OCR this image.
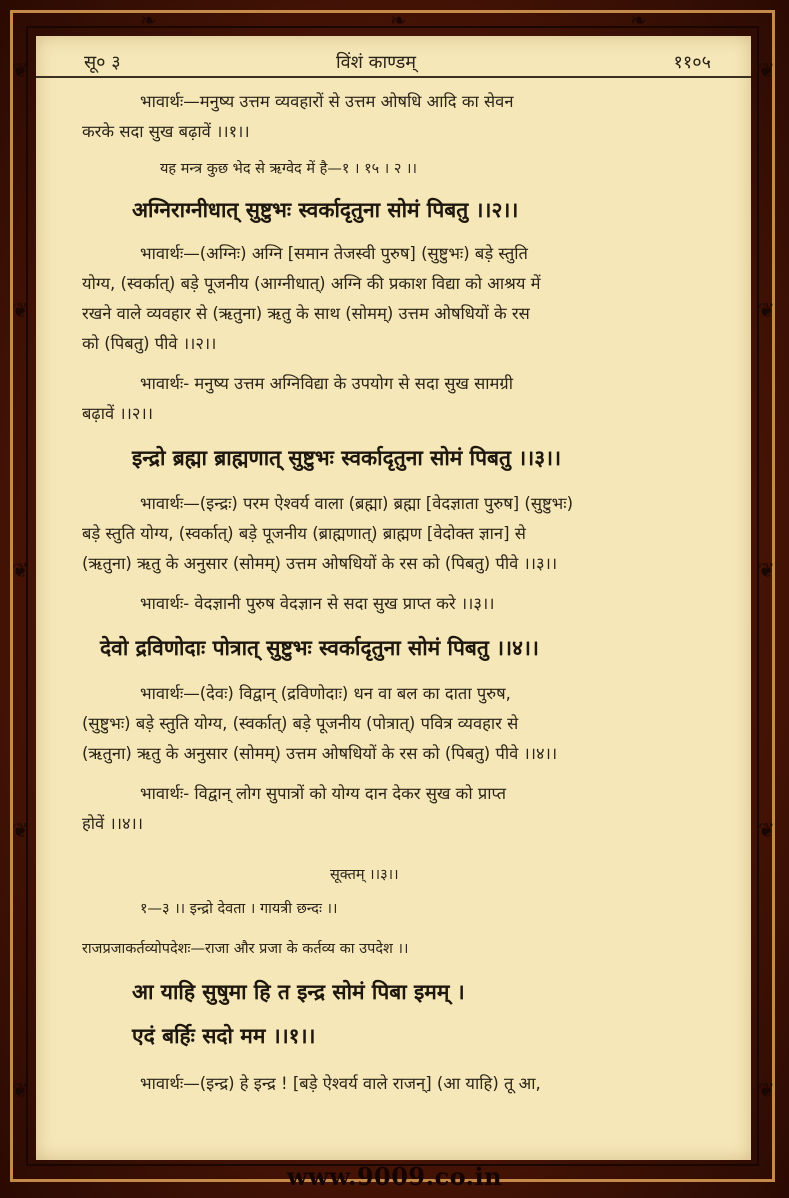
❦
❦
❦
❦
❦
❦
❦
❦
❦
❦
❧	❧	❧
सू० ३	विंशं काण्डम्	११०५
भावार्थः—मनुष्य उत्तम व्यवहारों से उत्तम ओषधि आदि का सेवन
करके सदा सुख बढ़ावें ।।१।।
यह मन्त्र कुछ भेद से ऋग्वेद में है—१ । १५ । २ ।।
अग्निराग्नीधात् सुष्टुभः स्वर्कादृतुना सोमं पिबतु ।।२।।
भावार्थः—(अग्निः) अग्नि [समान तेजस्वी पुरुष] (सुष्टुभः) बड़े स्तुति
योग्य, (स्वर्कात्) बड़े पूजनीय (आग्नीधात्) अग्नि की प्रकाश विद्या को आश्रय में
रखने वाले व्यवहार से (ऋतुना) ऋतु के साथ (सोमम्) उत्तम ओषधियों के रस
को (पिबतु) पीवे ।।२।।
भावार्थः- मनुष्य उत्तम अग्निविद्या के उपयोग से सदा सुख सामग्री
बढ़ावें ।।२।।
इन्द्रो ब्रह्मा ब्राह्मणात् सुष्टुभः स्वर्कादृतुना सोमं पिबतु ।।३।।
भावार्थः—(इन्द्रः) परम ऐश्वर्य वाला (ब्रह्मा) ब्रह्मा [वेदज्ञाता पुरुष] (सुष्टुभः)
बड़े स्तुति योग्य, (स्वर्कात्) बड़े पूजनीय (ब्राह्मणात्) ब्राह्मण [वेदोक्त ज्ञान] से
(ऋतुना) ऋतु के अनुसार (सोमम्) उत्तम ओषधियों के रस को (पिबतु) पीवे ।।३।।
भावार्थः- वेदज्ञानी पुरुष वेदज्ञान से सदा सुख प्राप्त करे ।।३।।
देवो द्रविणोदाः पोत्रात् सुष्टुभः स्वर्कादृतुना सोमं पिबतु ।।४।।
भावार्थः—(देवः) विद्वान् (द्रविणोदाः) धन वा बल का दाता पुरुष,
(सुष्टुभः) बड़े स्तुति योग्य, (स्वर्कात्) बड़े पूजनीय (पोत्रात्) पवित्र व्यवहार से
(ऋतुना) ऋतु के अनुसार (सोमम्) उत्तम ओषधियों के रस को (पिबतु) पीवे ।।४।।
भावार्थः- विद्वान् लोग सुपात्रों को योग्य दान देकर सुख को प्राप्त
होवें ।।४।।
सूक्तम् ।।३।।
१—३ ।। इन्द्रो देवता । गायत्री छन्दः ।।
राजप्रजाकर्तव्योपदेशः—राजा और प्रजा के कर्तव्य का उपदेश ।।
आ याहि सुषुमा हि त इन्द्र सोमं पिबा इमम् ।
एदं बर्हिः सदो मम ।।१।।
भावार्थः—(इन्द्र) हे इन्द्र ! [बड़े ऐश्वर्य वाले राजन्] (आ याहि) तू आ,
www.9009.co.in
